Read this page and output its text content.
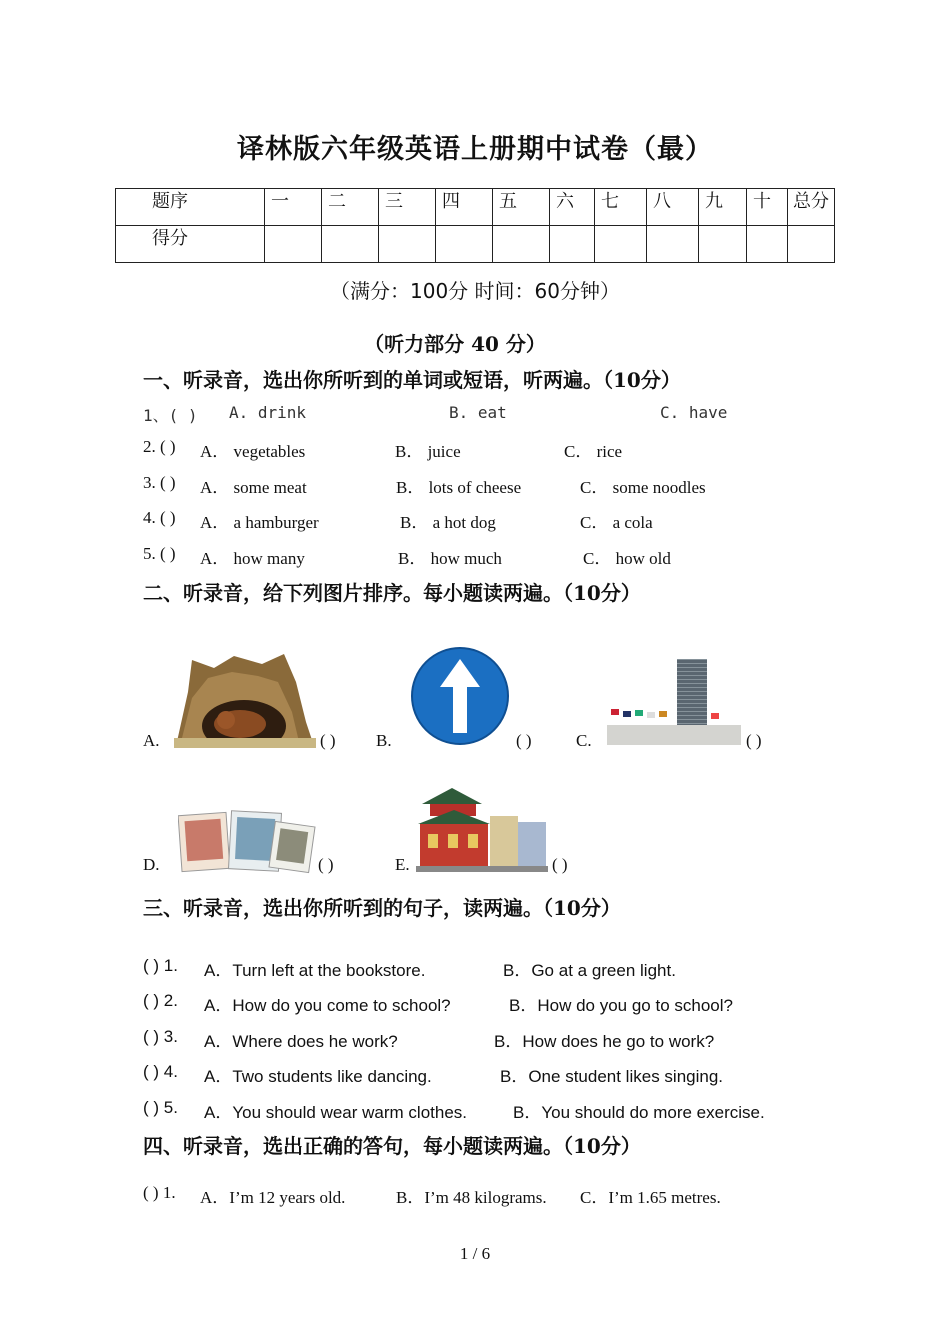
译林版六年级英语上册期中试卷（最）
题序	一	二	三	四	五	六	七	八	九	十	总分
得分											
（满分：100分 时间：60分钟）
（听力部分 40 分）
一、听录音，选出你所听到的单词或短语，听两遍。（10分）
1、( ) A. drink	B. eat	C. have
2. ( ) A． vegetables	B． juice	C． rice
3. ( ) A． some meat	B． lots of cheese	C． some noodles
4. ( ) A． a hamburger	B． a hot dog	C． a cola
5. ( ) A． how many	B． how much	C． how old
二、听录音，给下列图片排序。每小题读两遍。（10分）
A.	( ) B.	( )	C.	( )
D.	( )	E.	( )
三、听录音，选出你所听到的句子，读两遍。（10分）
( ) 1. A．Turn left at the bookstore.	B．Go at a green light.
( ) 2. A．How do you come to school?	B．How do you go to school?
( ) 3. A．Where does he work?	B．How does he go to work?
( ) 4. A．Two students like dancing.	B．One student likes singing.
( ) 5. A．You should wear warm clothes.	B．You should do more exercise.
四、听录音，选出正确的答句，每小题读两遍。（10分）
( ) 1. A．I’m 12 years old.	B．I’m 48 kilograms. C．I’m 1.65 metres.
1 / 6
